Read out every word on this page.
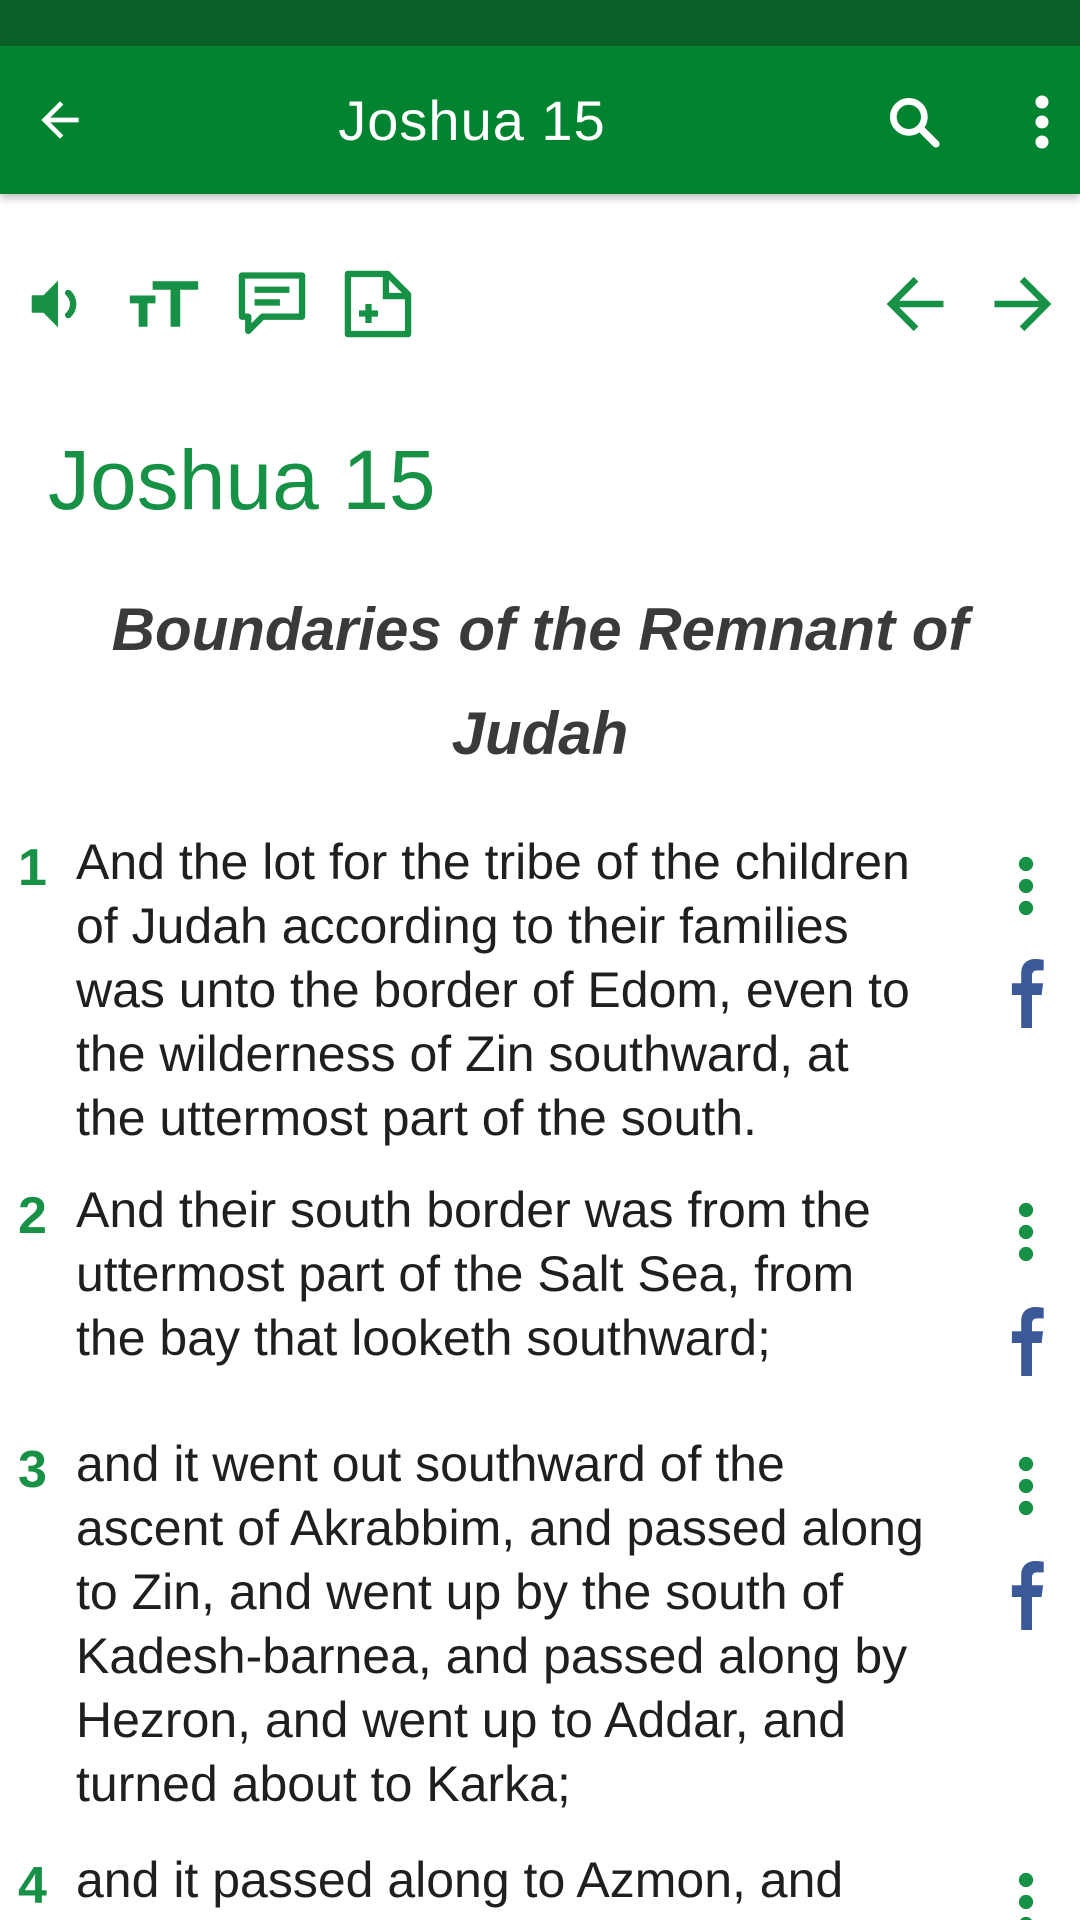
Joshua 15
Joshua 15
Boundaries of the Remnant of Judah
1 And the lot for the tribe of the children
of Judah according to their families
was unto the border of Edom, even to
the wilderness of Zin southward, at
the uttermost part of the south.
2 And their south border was from the
uttermost part of the Salt Sea, from
the bay that looketh southward;
3 and it went out southward of the
ascent of Akrabbim, and passed along
to Zin, and went up by the south of
Kadesh-barnea, and passed along by
Hezron, and went up to Addar, and
turned about to Karka;
4 and it passed along to Azmon, and
